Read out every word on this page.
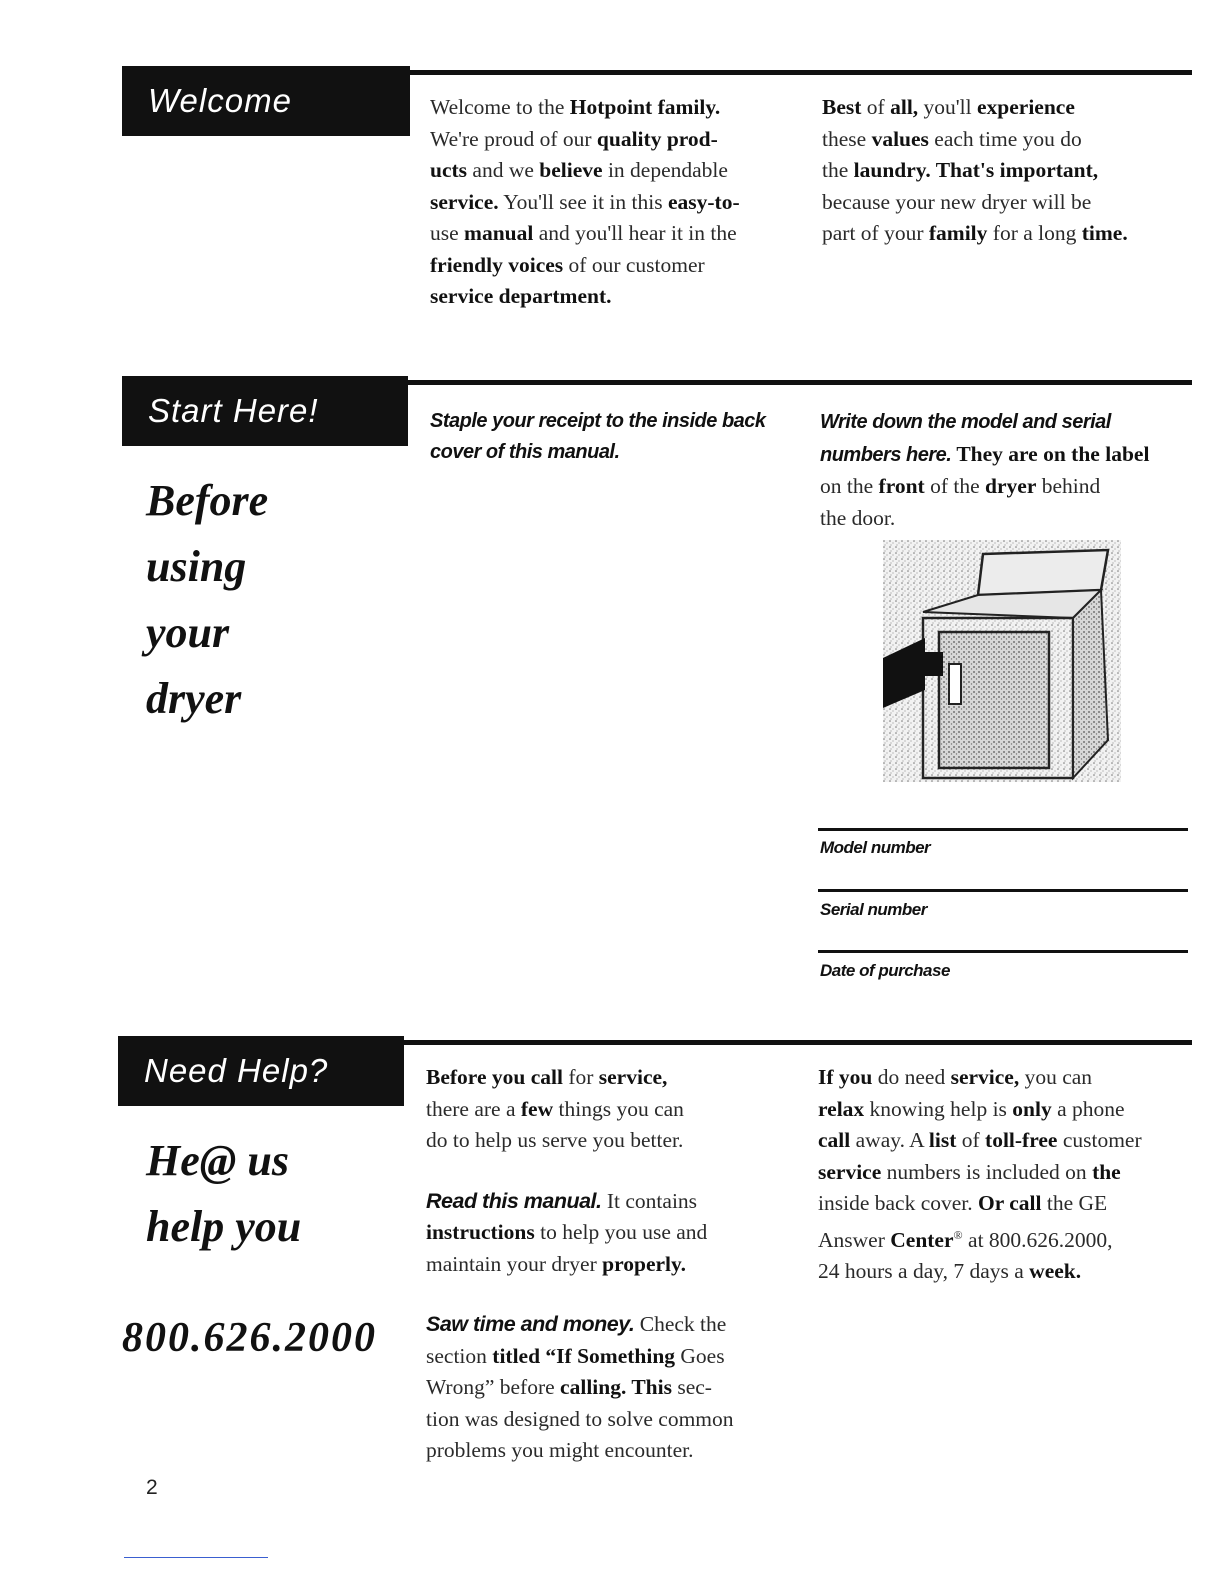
Welcome	Welcome to the Hotpoint family.
We're proud of our quality prod-
ucts and we believe in dependable
service. You'll see it in this easy-to-
use manual and you'll hear it in the
friendly voices of our customer
service department.
Best of all, you'll experience
these values each time you do
the laundry. That's important,
because your new dryer will be
part of your family for a long time.
Start Here!
Before
using
your
dryer
Staple your receipt to the inside back cover of this manual.
Write down the model and serial numbers here. They are on the label
on the front of the dryer behind
the door.
Model number
Serial number
Date of purchase
Need Help?
He@ us
help you
800.626.2000

Before you call for service,
there are a few things you can
do to help us serve you better.

Read this manual. It contains
instructions to help you use and
maintain your dryer properly.

Saw time and money. Check the
section titled “If Something Goes
Wrong” before calling. This sec-
tion was designed to solve common
problems you might encounter.

If you do need service, you can
relax knowing help is only a phone
call away. A list of toll-free customer
service numbers is included on the
inside back cover. Or call the GE
Answer Center® at 800.626.2000,
24 hours a day, 7 days a week.
2
